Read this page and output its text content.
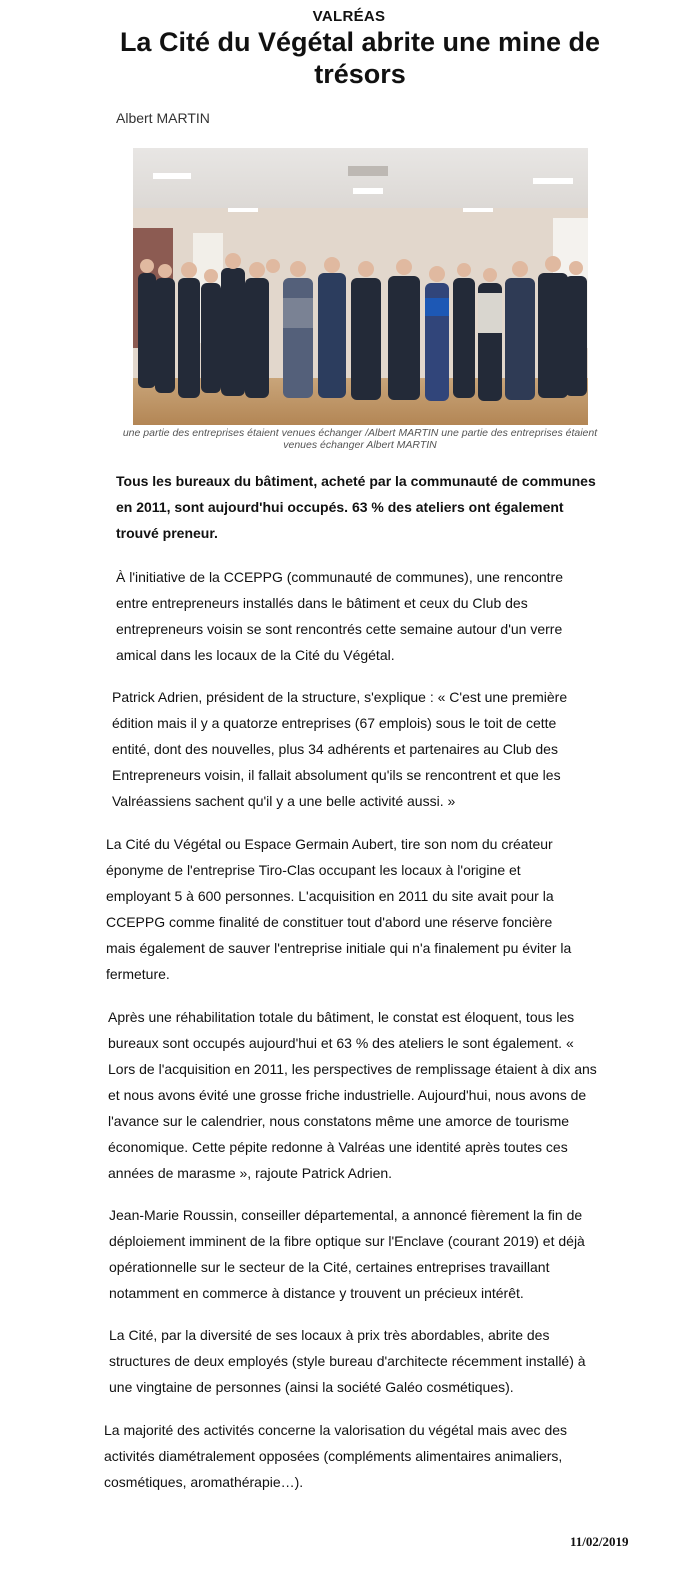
VALRÉAS
La Cité du Végétal abrite une mine de trésors
Albert MARTIN
une partie des entreprises étaient venues échanger /Albert MARTIN une partie des entreprises étaient venues échanger Albert MARTIN

Tous les bureaux du bâtiment, acheté par la communauté de communes en 2011, sont aujourd'hui occupés. 63 % des ateliers ont également trouvé preneur.

À l'initiative de la CCEPPG (communauté de communes), une rencontre entre entrepreneurs installés dans le bâtiment et ceux du Club des entrepreneurs voisin se sont rencontrés cette semaine autour d'un verre amical dans les locaux de la Cité du Végétal.

Patrick Adrien, président de la structure, s'explique : « C'est une première édition mais il y a quatorze entreprises (67 emplois) sous le toit de cette entité, dont des nouvelles, plus 34 adhérents et partenaires au Club des Entrepreneurs voisin, il fallait absolument qu'ils se rencontrent et que les Valréassiens sachent qu'il y a une belle activité aussi. »

La Cité du Végétal ou Espace Germain Aubert, tire son nom du créateur éponyme de l'entreprise Tiro-Clas occupant les locaux à l'origine et employant 5 à 600 personnes. L'acquisition en 2011 du site avait pour la CCEPPG comme finalité de constituer tout d'abord une réserve foncière mais également de sauver l'entreprise initiale qui n'a finalement pu éviter la fermeture.

Après une réhabilitation totale du bâtiment, le constat est éloquent, tous les bureaux sont occupés aujourd'hui et 63 % des ateliers le sont également. « Lors de l'acquisition en 2011, les perspectives de remplissage étaient à dix ans et nous avons évité une grosse friche industrielle. Aujourd'hui, nous avons de l'avance sur le calendrier, nous constatons même une amorce de tourisme économique. Cette pépite redonne à Valréas une identité après toutes ces années de marasme », rajoute Patrick Adrien.

Jean-Marie Roussin, conseiller départemental, a annoncé fièrement la fin de déploiement imminent de la fibre optique sur l'Enclave (courant 2019) et déjà opérationnelle sur le secteur de la Cité, certaines entreprises travaillant notamment en commerce à distance y trouvent un précieux intérêt.

La Cité, par la diversité de ses locaux à prix très abordables, abrite des structures de deux employés (style bureau d'architecte récemment installé) à une vingtaine de personnes (ainsi la société Galéo cosmétiques).

La majorité des activités concerne la valorisation du végétal mais avec des activités diamétralement opposées (compléments alimentaires animaliers, cosmétiques, aromathérapie…).

11/02/2019
